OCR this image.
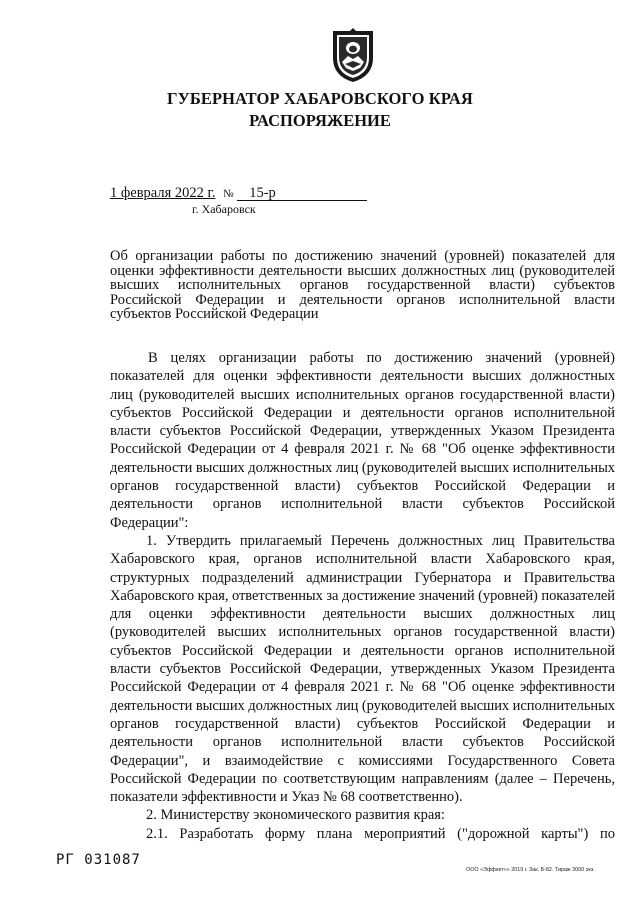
ГУБЕРНАТОР ХАБАРОВСКОГО КРАЯ
РАСПОРЯЖЕНИЕ
1 февраля 2022 г. № 15-р
г. Хабаровск
Об организации работы по достижению значений (уровней) показателей для
оценки эффективности деятельности высших должностных лиц (руководителей
высших исполнительных органов государственной власти) субъектов
Российской Федерации и деятельности органов исполнительной власти
субъектов Российской Федерации
В целях организации работы по достижению значений (уровней)
показателей для оценки эффективности деятельности высших должностных
лиц (руководителей высших исполнительных органов государственной власти)
субъектов Российской Федерации и деятельности органов исполнительной
власти субъектов Российской Федерации, утвержденных Указом Президента
Российской Федерации от 4 февраля 2021 г. № 68 "Об оценке эффективности
деятельности высших должностных лиц (руководителей высших исполнительных
органов государственной власти) субъектов Российской Федерации и
деятельности органов исполнительной власти субъектов Российской
Федерации":
1. Утвердить прилагаемый Перечень должностных лиц Правительства
Хабаровского края, органов исполнительной власти Хабаровского края,
структурных подразделений администрации Губернатора и Правительства
Хабаровского края, ответственных за достижение значений (уровней) показателей
для оценки эффективности деятельности высших должностных лиц
(руководителей высших исполнительных органов государственной власти)
субъектов Российской Федерации и деятельности органов исполнительной
власти субъектов Российской Федерации, утвержденных Указом Президента
Российской Федерации от 4 февраля 2021 г. № 68 "Об оценке эффективности
деятельности высших должностных лиц (руководителей высших исполнительных
органов государственной власти) субъектов Российской Федерации и
деятельности органов исполнительной власти субъектов Российской
Федерации", и взаимодействие с комиссиями Государственного Совета
Российской Федерации по соответствующим направлениям (далее – Перечень,
показатели эффективности и Указ № 68 соответственно).
2. Министерству экономического развития края:
2.1. Разработать форму плана мероприятий ("дорожной карты") по
РГ 031087
ООО «Эффект»» 2019 г. Зак. Б-82. Тираж 3000 экз.
